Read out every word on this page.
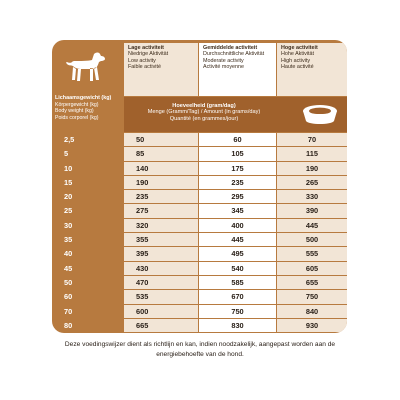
Lichaamsgewicht (kg)
Körpergewicht (kg)
Body weight (kg)
Poids corporel (kg)
Lage activiteit
Niedrige Aktivität
Low activity
Faible activité
Gemiddelde activiteit
Durchschnittliche Aktivität
Moderate activity
Activité moyenne
Hoge activiteit
Hohe Aktivität
High activity
Haute activité
Hoeveelheid (gram/dag)
Menge (Gramm/Tag) / Amount (in grams/day)
Quantité (en grammes/jour)
2,5	50	60	70
5	85	105	115
10	140	175	190
15	190	235	265
20	235	295	330
25	275	345	390
30	320	400	445
35	355	445	500
40	395	495	555
45	430	540	605
50	470	585	655
60	535	670	750
70	600	750	840
80	665	830	930
Deze voedingswijzer dient als richtlijn en kan, indien noodzakelijk, aangepast worden aan de
energiebehoefte van de hond.
